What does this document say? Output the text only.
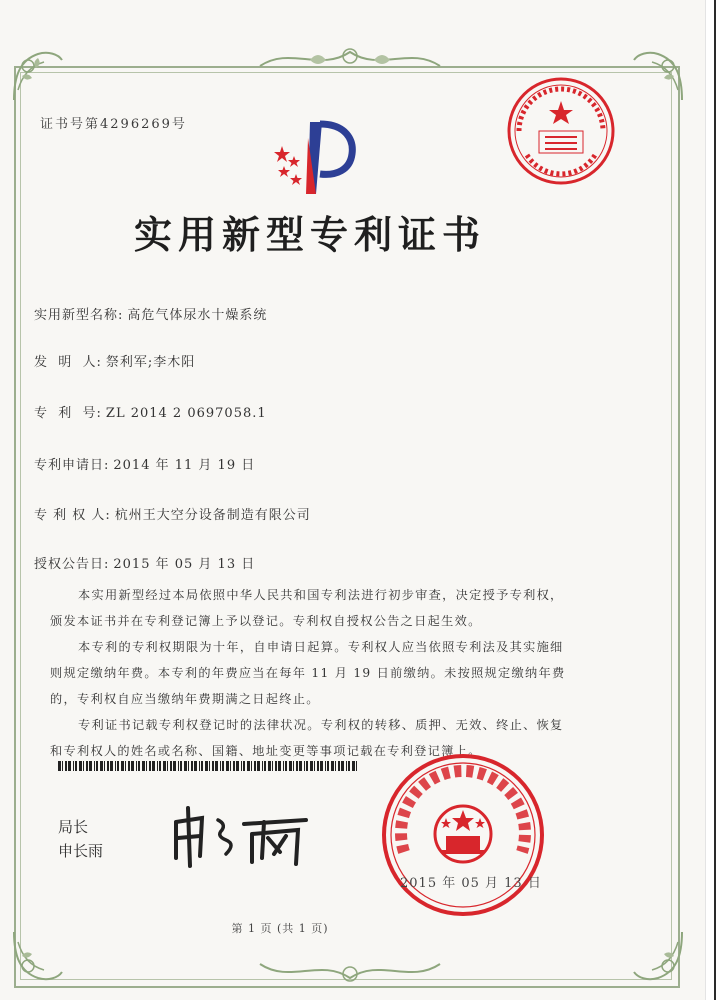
证书号第4296269号
实用新型专利证书
实用新型名称: 高危气体尿水十燥系统
发  明  人: 祭利军;李木阳
专  利  号: ZL 2014 2 0697058.1
专利申请日: 2014 年 11 月 19 日
专 利 权 人: 杭州王大空分设备制造有限公司
授权公告日: 2015 年 05 月 13 日

本实用新型经过本局依照中华人民共和国专利法进行初步审查，决定授予专利权，颁发本证书并在专利登记簿上予以登记。专利权自授权公告之日起生效。

本专利的专利权期限为十年，自申请日起算。专利权人应当依照专利法及其实施细则规定缴纳年费。本专利的年费应当在每年 11 月 19 日前缴纳。未按照规定缴纳年费的，专利权自应当缴纳年费期满之日起终止。

专利证书记载专利权登记时的法律状况。专利权的转移、质押、无效、终止、恢复和专利权人的姓名或名称、国籍、地址变更等事项记载在专利登记簿上。

局长
申长雨
2015 年 05 月 13 日
第 1 页 (共 1 页)
